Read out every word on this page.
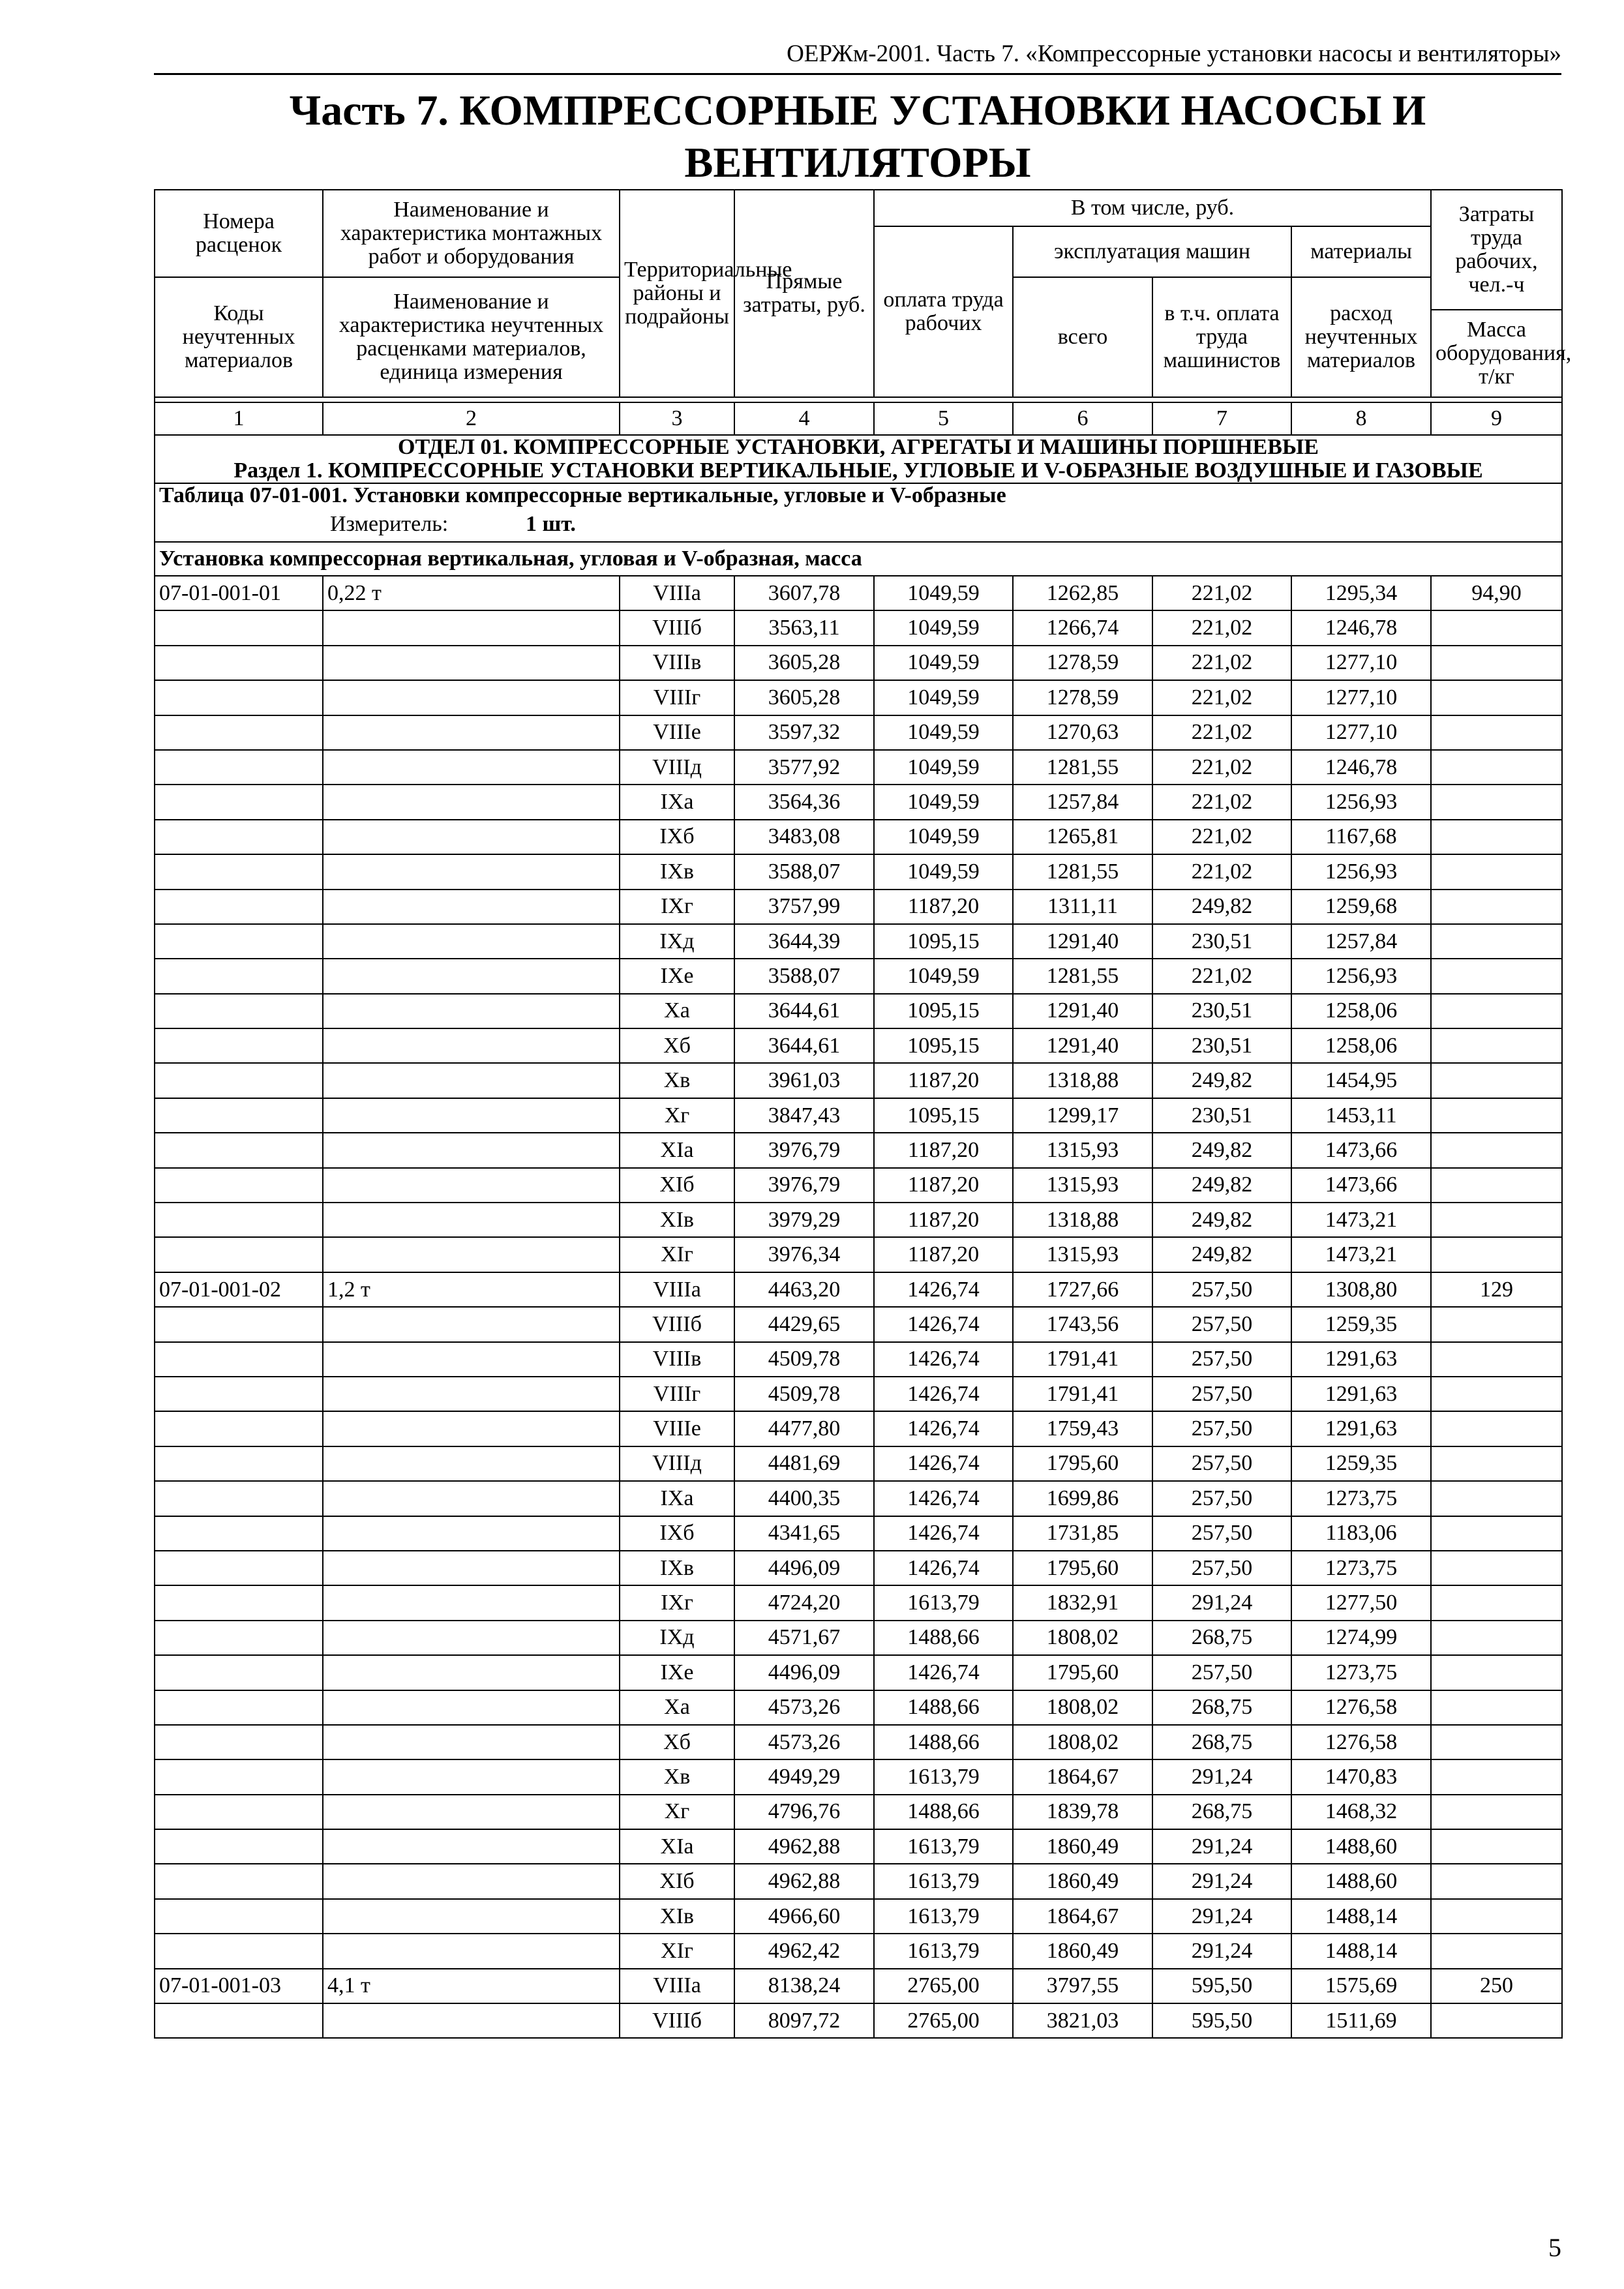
ОЕРЖм-2001. Часть 7. «Компрессорные установки насосы и вентиляторы»
Часть 7. КОМПРЕССОРНЫЕ УСТАНОВКИ НАСОСЫ И ВЕНТИЛЯТОРЫ
Номера расценок	Наименование и характеристика монтажных работ и оборудования	Территориальные районы и подрайоны	Прямые затраты, руб.	В том числе, руб.				Затраты труда рабочих, чел.-ч
				оплата труда рабочих	эксплуатация машин		материалы	
Коды неучтенных материалов	Наименование и характеристика неучтенных расценками материалов, единица измерения				всего	в т.ч. оплата труда машинистов	расход неучтенных материалов	
								Масса оборудования, т/кг

1	2	3	4	5	6	7	8	9

ОТДЕЛ 01. КОМПРЕССОРНЫЕ УСТАНОВКИ, АГРЕГАТЫ И МАШИНЫ ПОРШНЕВЫЕ
Раздел 1. КОМПРЕССОРНЫЕ УСТАНОВКИ ВЕРТИКАЛЬНЫЕ, УГЛОВЫЕ И V-ОБРАЗНЫЕ ВОЗДУШНЫЕ И ГАЗОВЫЕ								

Таблица 07-01-001. Установки компрессорные вертикальные, угловые и V-образные								
Измеритель: 1 шт.								
Установка компрессорная вертикальная, угловая и V-образная, масса								
07-01-001-01	0,22 т	VIIIа	3607,78	1049,59	1262,85	221,02	1295,34	94,90
		VIIIб	3563,11	1049,59	1266,74	221,02	1246,78	
		VIIIв	3605,28	1049,59	1278,59	221,02	1277,10	
		VIIIг	3605,28	1049,59	1278,59	221,02	1277,10	
		VIIIе	3597,32	1049,59	1270,63	221,02	1277,10	
		VIIIд	3577,92	1049,59	1281,55	221,02	1246,78	
		IXа	3564,36	1049,59	1257,84	221,02	1256,93	
		IXб	3483,08	1049,59	1265,81	221,02	1167,68	
		IXв	3588,07	1049,59	1281,55	221,02	1256,93	
		IXг	3757,99	1187,20	1311,11	249,82	1259,68	
		IXд	3644,39	1095,15	1291,40	230,51	1257,84	
		IXе	3588,07	1049,59	1281,55	221,02	1256,93	
		Xа	3644,61	1095,15	1291,40	230,51	1258,06	
		Xб	3644,61	1095,15	1291,40	230,51	1258,06	
		Xв	3961,03	1187,20	1318,88	249,82	1454,95	
		Xг	3847,43	1095,15	1299,17	230,51	1453,11	
		XIа	3976,79	1187,20	1315,93	249,82	1473,66	
		XIб	3976,79	1187,20	1315,93	249,82	1473,66	
		XIв	3979,29	1187,20	1318,88	249,82	1473,21	
		XIг	3976,34	1187,20	1315,93	249,82	1473,21	
07-01-001-02	1,2 т	VIIIа	4463,20	1426,74	1727,66	257,50	1308,80	129
		VIIIб	4429,65	1426,74	1743,56	257,50	1259,35	
		VIIIв	4509,78	1426,74	1791,41	257,50	1291,63	
		VIIIг	4509,78	1426,74	1791,41	257,50	1291,63	
		VIIIе	4477,80	1426,74	1759,43	257,50	1291,63	
		VIIIд	4481,69	1426,74	1795,60	257,50	1259,35	
		IXа	4400,35	1426,74	1699,86	257,50	1273,75	
		IXб	4341,65	1426,74	1731,85	257,50	1183,06	
		IXв	4496,09	1426,74	1795,60	257,50	1273,75	
		IXг	4724,20	1613,79	1832,91	291,24	1277,50	
		IXд	4571,67	1488,66	1808,02	268,75	1274,99	
		IXе	4496,09	1426,74	1795,60	257,50	1273,75	
		Xа	4573,26	1488,66	1808,02	268,75	1276,58	
		Xб	4573,26	1488,66	1808,02	268,75	1276,58	
		Xв	4949,29	1613,79	1864,67	291,24	1470,83	
		Xг	4796,76	1488,66	1839,78	268,75	1468,32	
		XIа	4962,88	1613,79	1860,49	291,24	1488,60	
		XIб	4962,88	1613,79	1860,49	291,24	1488,60	
		XIв	4966,60	1613,79	1864,67	291,24	1488,14	
		XIг	4962,42	1613,79	1860,49	291,24	1488,14	
07-01-001-03	4,1 т	VIIIа	8138,24	2765,00	3797,55	595,50	1575,69	250
		VIIIб	8097,72	2765,00	3821,03	595,50	1511,69	
5
